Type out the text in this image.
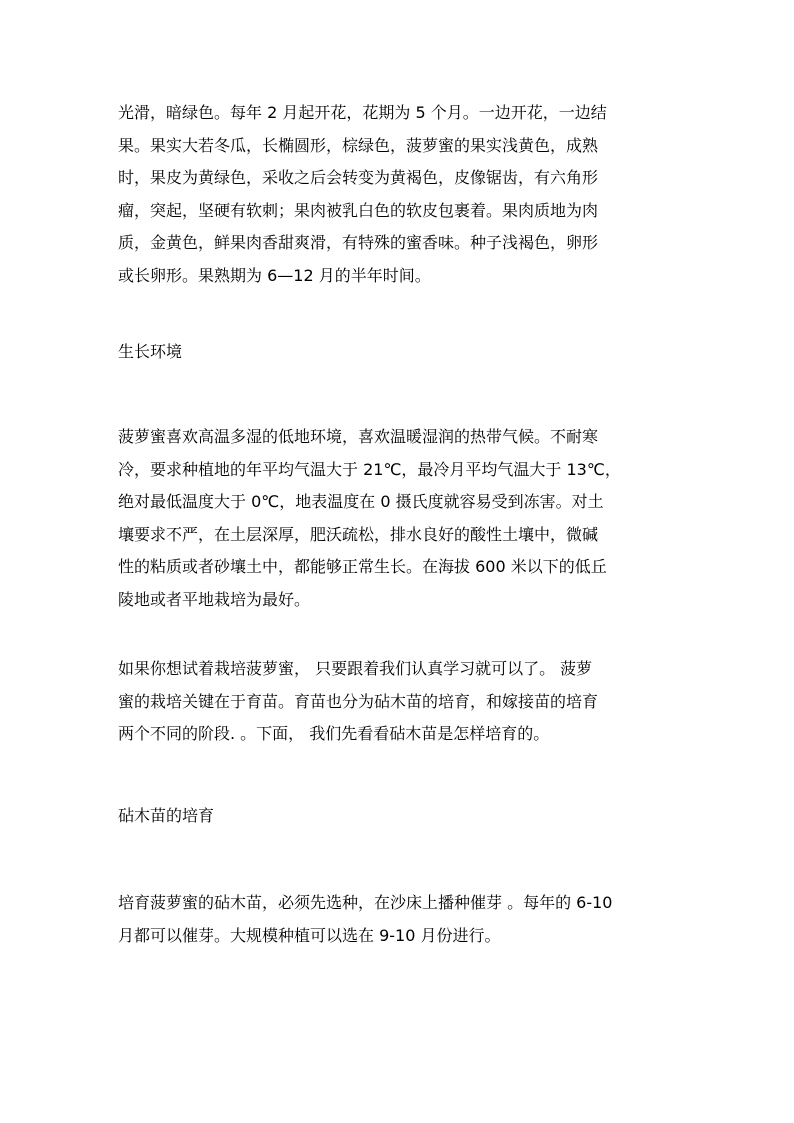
光滑，暗绿色。每年 2 月起开花，花期为 5 个月。一边开花，一边结
果。果实大若冬瓜，长椭圆形，棕绿色，菠萝蜜的果实浅黄色，成熟
时，果皮为黄绿色，采收之后会转变为黄褐色，皮像锯齿，有六角形
瘤，突起，坚硬有软刺；果肉被乳白色的软皮包裹着。果肉质地为肉
质，金黄色，鲜果肉香甜爽滑，有特殊的蜜香味。种子浅褐色，卵形
或长卵形。果熟期为 6—12 月的半年时间。
生长环境
菠萝蜜喜欢高温多湿的低地环境，喜欢温暖湿润的热带气候。不耐寒
冷，要求种植地的年平均气温大于 21℃，最冷月平均气温大于 13℃，
绝对最低温度大于 0℃，地表温度在 0 摄氏度就容易受到冻害。对土
壤要求不严，在土层深厚，肥沃疏松，排水良好的酸性土壤中，微碱
性的粘质或者砂壤土中，都能够正常生长。在海拔 600 米以下的低丘
陵地或者平地栽培为最好。
如果你想试着栽培菠萝蜜， 只要跟着我们认真学习就可以了。 菠萝
蜜的栽培关键在于育苗。育苗也分为砧木苗的培育，和嫁接苗的培育
两个不同的阶段. 。下面， 我们先看看砧木苗是怎样培育的。
砧木苗的培育
培育菠萝蜜的砧木苗，必须先选种，在沙床上播种催芽 。每年的 6-10
月都可以催芽。大规模种植可以选在 9-10 月份进行。
